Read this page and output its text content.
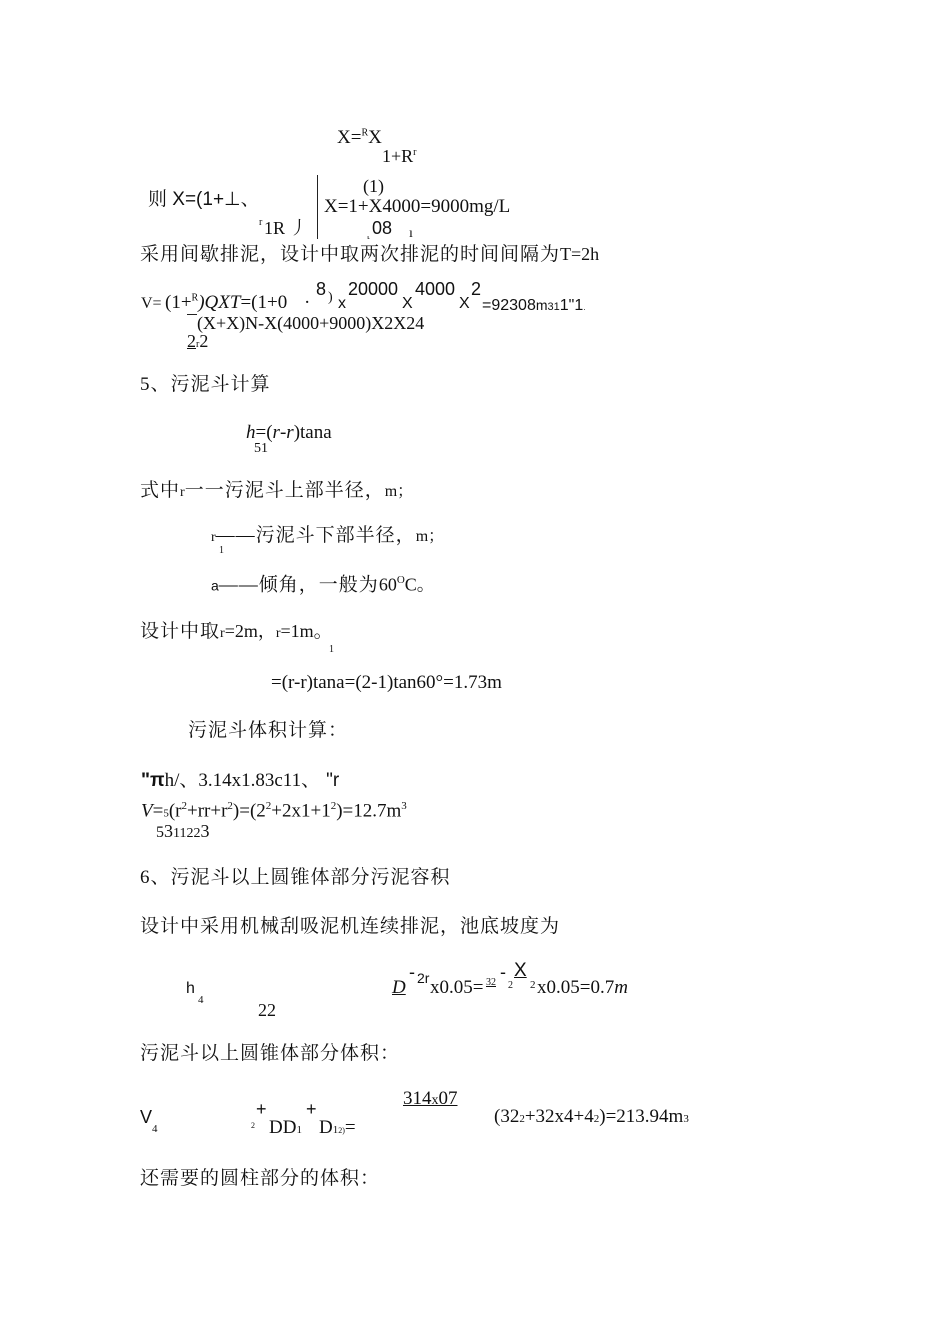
X=$^R$X
$1+R^r$
则 X=(1+⊥、
r 1R 丿
(1)
X=1+X4000=9000mg/L
⸤ 08 ı
采用间歇排泥，设计中取两次排泥的时间间隔为T=2h
V= (1+$^R$)QXT=(1+0 ·
8 ) x
20000
X
4000
X
2
=92308m311"1.
(X+X)N-X(4000+9000)X2X24
2r2
5、污泥斗计算
h=(r-r)tana
51
式中r一一污泥斗上部半径，m；
r——污泥斗下部半径，m；
1
a——倾角，一般为$60^OC$。
设计中取r=2m，r=1m。
1
=(r-r)tana=(2-1)tan60°=1.73m
污泥斗体积计算：
"πh/、3.14x1.83c11、 "r
$V=5(r^2+rr+r^2)=(2^2+2x1+1^2)=12.7m^3$
5311223
6、污泥斗以上圆锥体部分污泥容积
设计中采用机械刮吸泥机连续排泥，池底坡度为
h
4	22
D
- 2r x0.05= 32
-
2
X
2 x0.05=0.7m
污泥斗以上圆锥体部分体积：
V
4
+
2 DD1
+
D12)=
314x07
(322+32x4+42)=213.94m3
还需要的圆柱部分的体积：
